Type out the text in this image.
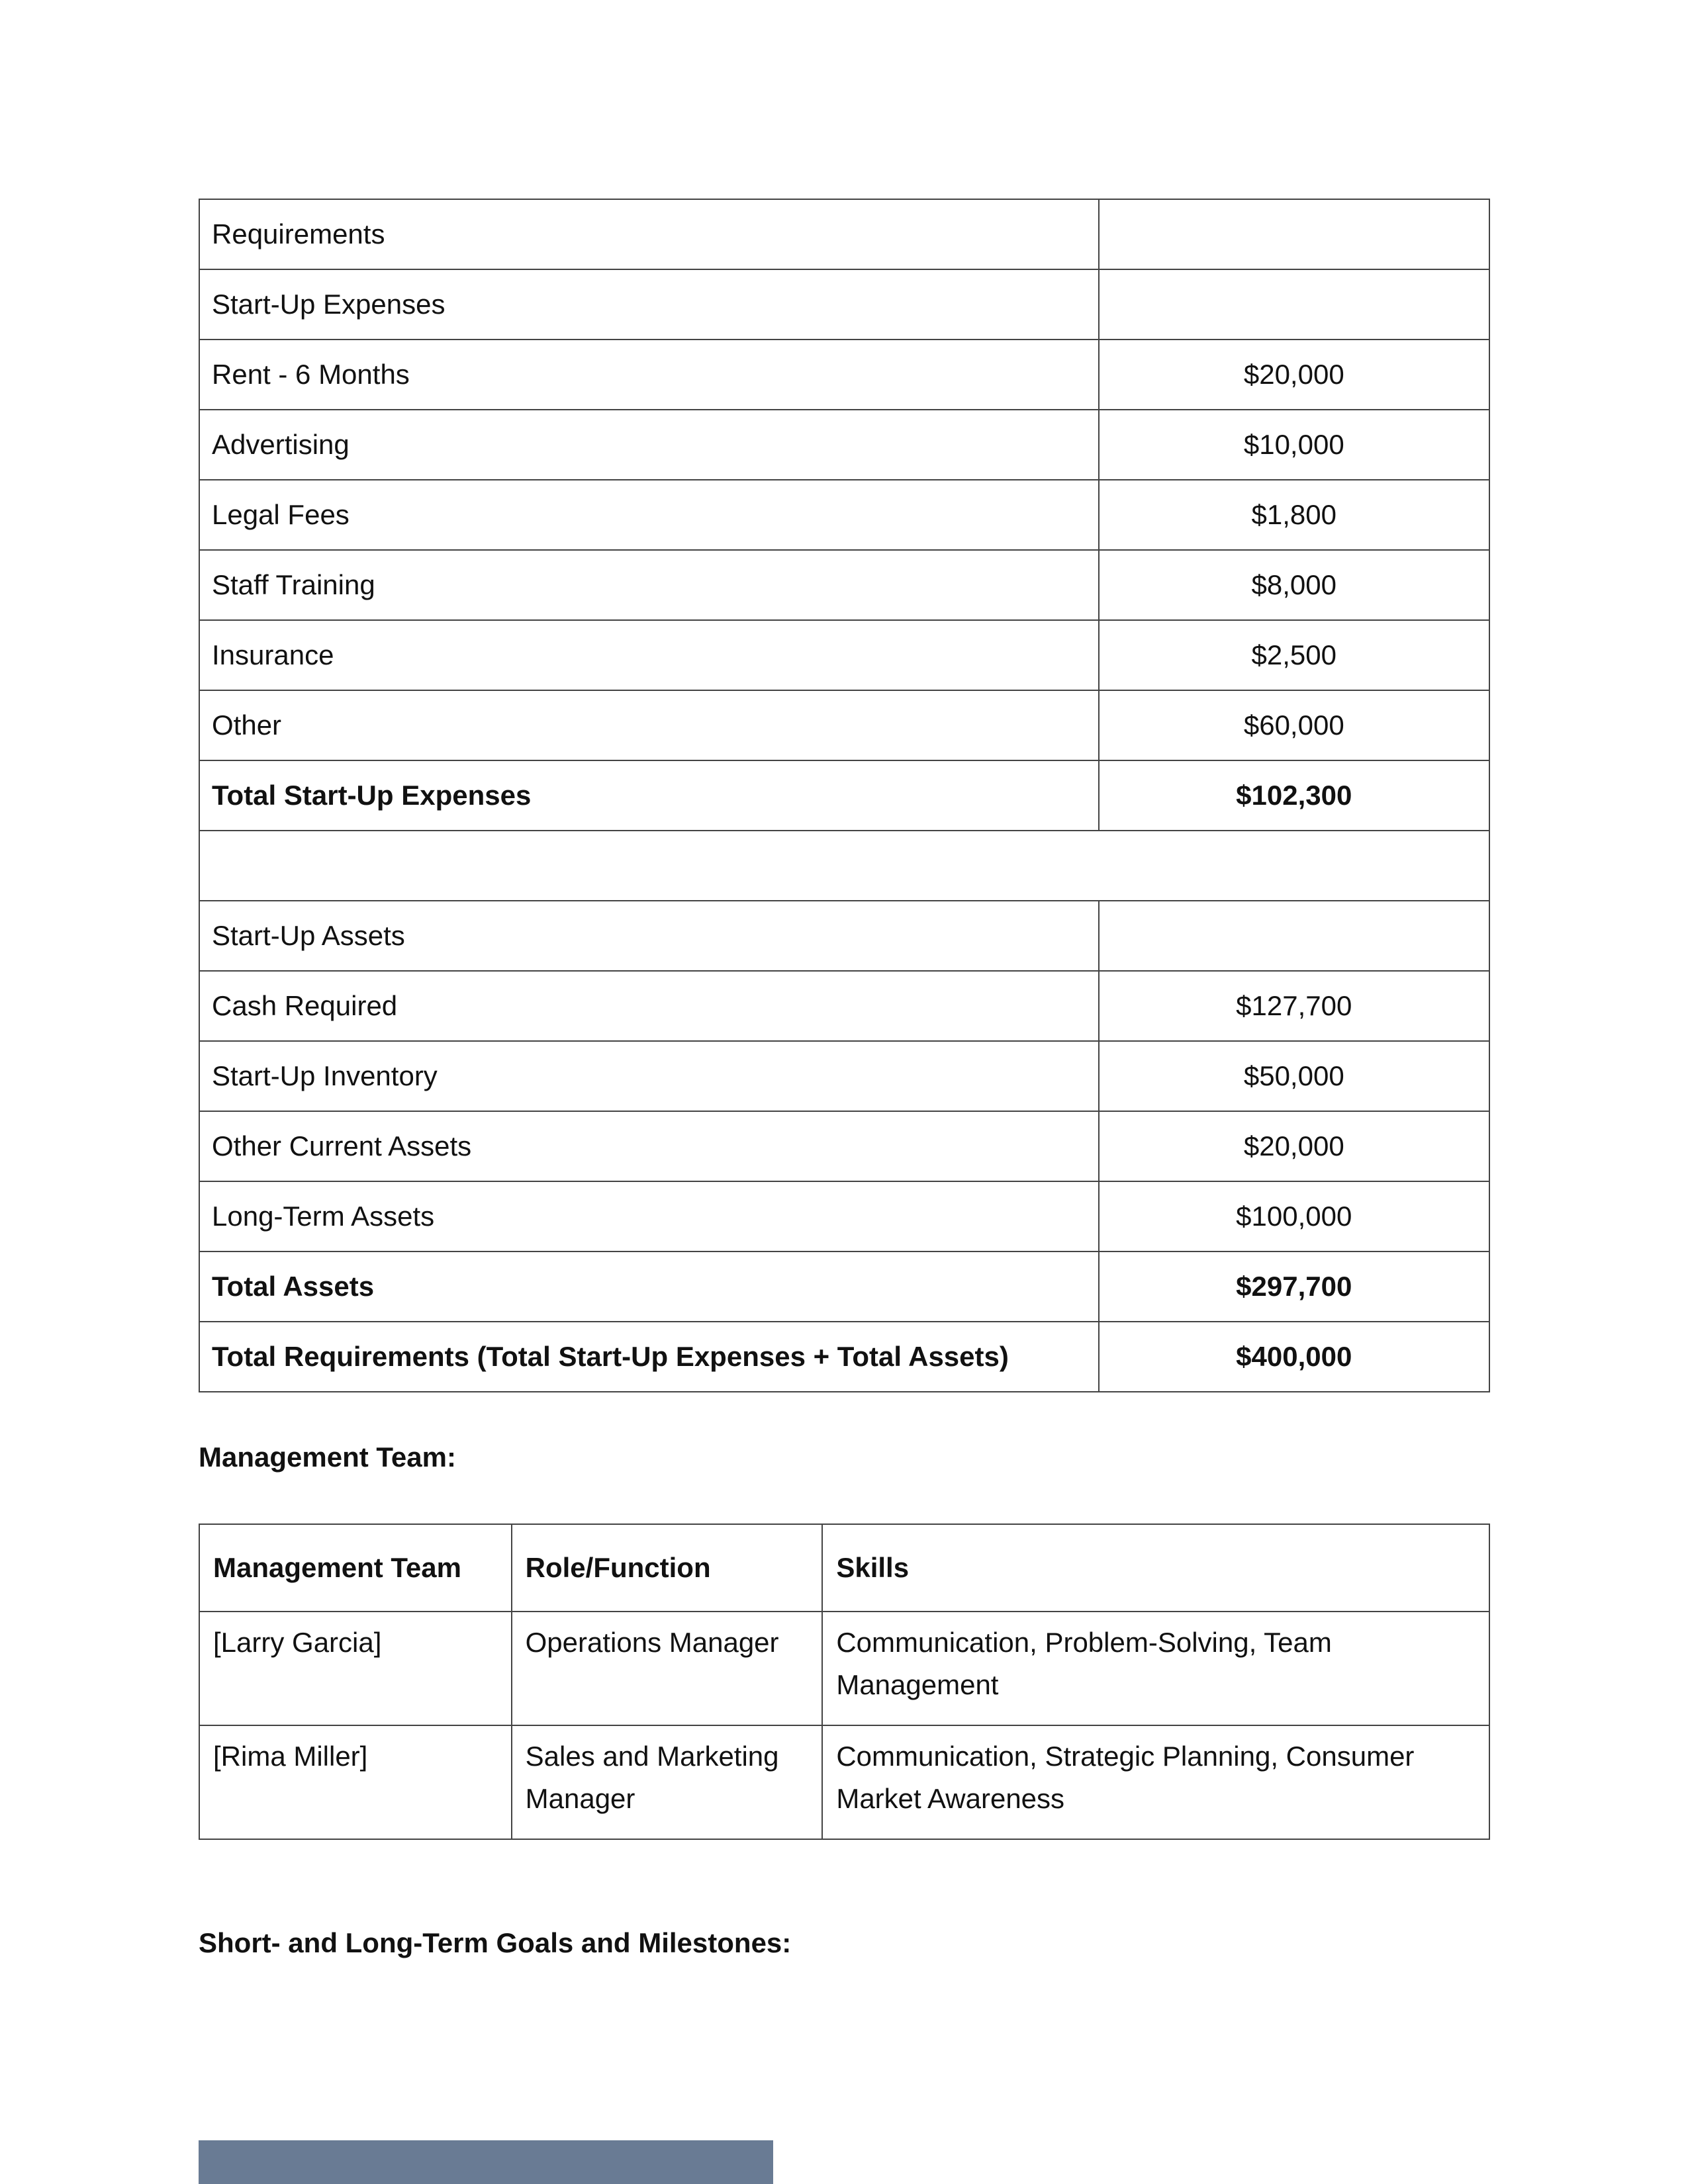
Requirements	
Start-Up Expenses	
Rent - 6 Months	$20,000
Advertising	$10,000
Legal Fees	$1,800
Staff Training	$8,000
Insurance	$2,500
Other	$60,000
Total Start-Up Expenses	$102,300

Start-Up Assets	
Cash Required	$127,700
Start-Up Inventory	$50,000
Other Current Assets	$20,000
Long-Term Assets	$100,000
Total Assets	$297,700
Total Requirements (Total Start-Up Expenses + Total Assets)	$400,000
Management Team:
Management Team	Role/Function	Skills
[Larry Garcia]	Operations Manager	Communication, Problem-Solving, Team Management
[Rima Miller]	Sales and Marketing Manager	Communication, Strategic Planning, Consumer Market Awareness
Short- and Long-Term Goals and Milestones:
